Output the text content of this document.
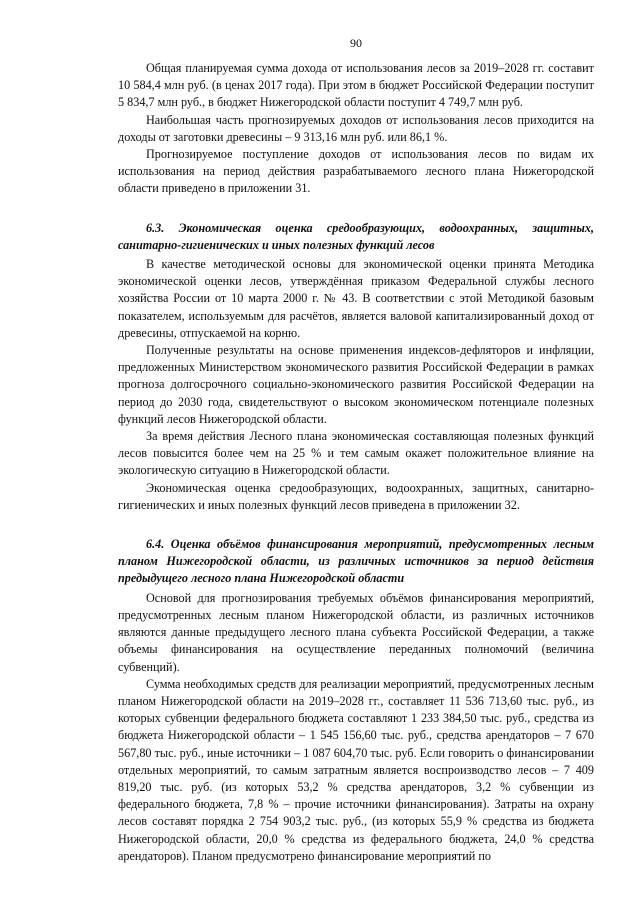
90

Общая планируемая сумма дохода от использования лесов за 2019–2028 гг. составит 10 584,4 млн руб. (в ценах 2017 года). При этом в бюджет Российской Федерации поступит 5 834,7 млн руб., в бюджет Нижегородской области поступит 4 749,7 млн руб.

Наибольшая часть прогнозируемых доходов от использования лесов приходится на доходы от заготовки древесины – 9 313,16 млн руб. или 86,1 %.

Прогнозируемое поступление доходов от использования лесов по видам их использования на период действия разрабатываемого лесного плана Нижегородской области приведено в приложении 31.

6.3. Экономическая оценка средообразующих, водоохранных, защитных, санитарно-гигиенических и иных полезных функций лесов

В качестве методической основы для экономической оценки принята Методика экономической оценки лесов, утверждённая приказом Федеральной службы лесного хозяйства России от 10 марта 2000 г. № 43. В соответствии с этой Методикой базовым показателем, используемым для расчётов, является валовой капитализированный доход от древесины, отпускаемой на корню.

Полученные результаты на основе применения индексов-дефляторов и инфляции, предложенных Министерством экономического развития Российской Федерации в рамках прогноза долгосрочного социально-экономического развития Российской Федерации на период до 2030 года, свидетельствуют о высоком экономическом потенциале полезных функций лесов Нижегородской области.

За время действия Лесного плана экономическая составляющая полезных функций лесов повысится более чем на 25 % и тем самым окажет положительное влияние на экологическую ситуацию в Нижегородской области.

Экономическая оценка средообразующих, водоохранных, защитных, санитарно-гигиенических и иных полезных функций лесов приведена в приложении 32.

6.4. Оценка объёмов финансирования мероприятий, предусмотренных лесным планом Нижегородской области, из различных источников за период действия предыдущего лесного плана Нижегородской области

Основой для прогнозирования требуемых объёмов финансирования мероприятий, предусмотренных лесным планом Нижегородской области, из различных источников являются данные предыдущего лесного плана субъекта Российской Федерации, а также объемы финансирования на осуществление переданных полномочий (величина субвенций).

Сумма необходимых средств для реализации мероприятий, предусмотренных лесным планом Нижегородской области на 2019–2028 гг., составляет 11 536 713,60 тыс. руб., из которых субвенции федерального бюджета составляют 1 233 384,50 тыс. руб., средства из бюджета Нижегородской области – 1 545 156,60 тыс. руб., средства арендаторов – 7 670 567,80 тыс. руб., иные источники – 1 087 604,70 тыс. руб. Если говорить о финансировании отдельных мероприятий, то самым затратным является воспроизводство лесов – 7 409 819,20 тыс. руб. (из которых 53,2 % средства арендаторов, 3,2 % субвенции из федерального бюджета, 7,8 % – прочие источники финансирования). Затраты на охрану лесов составят порядка 2 754 903,2 тыс. руб., (из которых 55,9 % средства из бюджета Нижегородской области, 20,0 % средства из федерального бюджета, 24,0 % средства арендаторов). Планом предусмотрено финансирование мероприятий по
